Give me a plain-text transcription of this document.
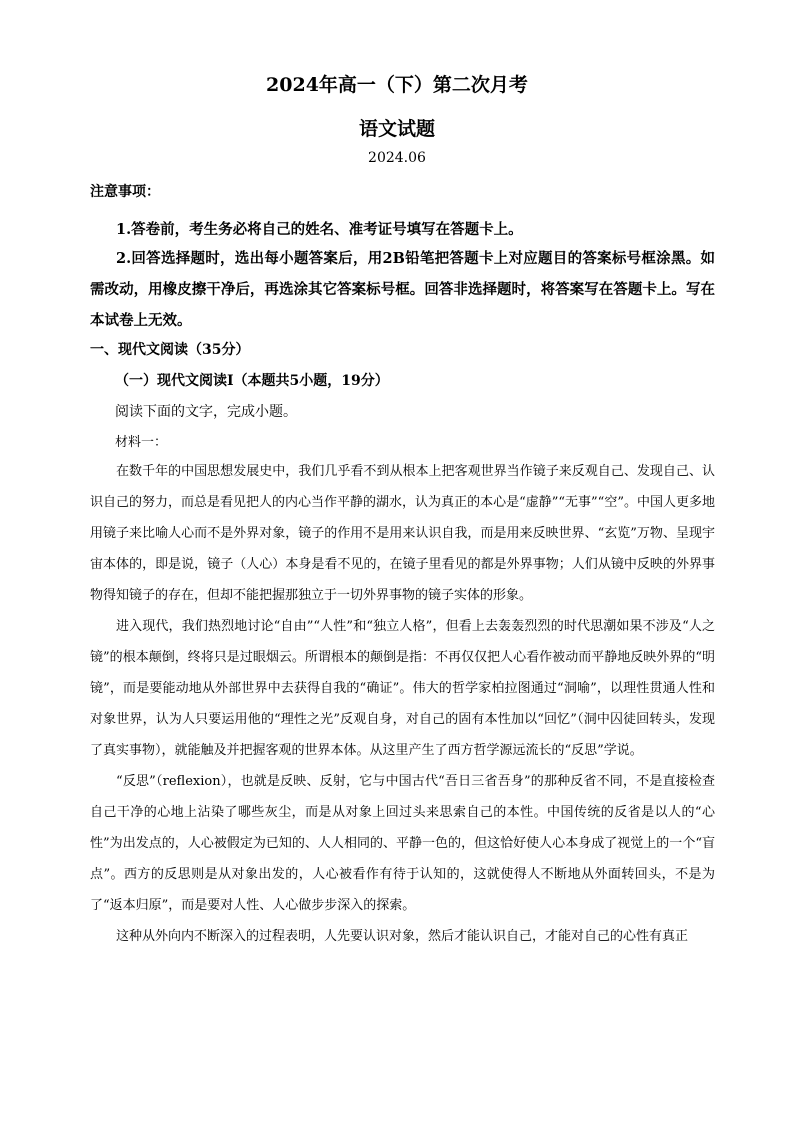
2024年高一（下）第二次月考
语文试题
2024.06
注意事项：
1.答卷前，考生务必将自己的姓名、准考证号填写在答题卡上。
2.回答选择题时，选出每小题答案后，用2B铅笔把答题卡上对应题目的答案标号框涂黑。如需改动，用橡皮擦干净后，再选涂其它答案标号框。回答非选择题时，将答案写在答题卡上。写在本试卷上无效。
一、现代文阅读（35分）
（一）现代文阅读Ⅰ（本题共5小题，19分）
阅读下面的文字，完成小题。
材料一：

在数千年的中国思想发展史中，我们几乎看不到从根本上把客观世界当作镜子来反观自己、发现自己、认识自己的努力，而总是看见把人的内心当作平静的湖水，认为真正的本心是“虚静”“无事”“空”。中国人更多地用镜子来比喻人心而不是外界对象，镜子的作用不是用来认识自我，而是用来反映世界、“玄览”万物、呈现宇宙本体的，即是说，镜子（人心）本身是看不见的，在镜子里看见的都是外界事物；人们从镜中反映的外界事物得知镜子的存在，但却不能把握那独立于一切外界事物的镜子实体的形象。

进入现代，我们热烈地讨论“自由”“人性”和“独立人格”，但看上去轰轰烈烈的时代思潮如果不涉及“人之镜”的根本颠倒，终将只是过眼烟云。所谓根本的颠倒是指：不再仅仅把人心看作被动而平静地反映外界的“明镜”，而是要能动地从外部世界中去获得自我的“确证”。伟大的哲学家柏拉图通过“洞喻”，以理性贯通人性和对象世界，认为人只要运用他的“理性之光”反观自身，对自己的固有本性加以“回忆”（洞中囚徒回转头，发现了真实事物），就能触及并把握客观的世界本体。从这里产生了西方哲学源远流长的“反思”学说。

“反思”（reflexion），也就是反映、反射，它与中国古代“吾日三省吾身”的那种反省不同，不是直接检查自己干净的心地上沾染了哪些灰尘，而是从对象上回过头来思索自己的本性。中国传统的反省是以人的“心性”为出发点的，人心被假定为已知的、人人相同的、平静一色的，但这恰好使人心本身成了视觉上的一个“盲点”。西方的反思则是从对象出发的，人心被看作有待于认知的，这就使得人不断地从外面转回头，不是为了“返本归原”，而是要对人性、人心做步步深入的探索。

这种从外向内不断深入的过程表明，人先要认识对象，然后才能认识自己，才能对自己的心性有真正
